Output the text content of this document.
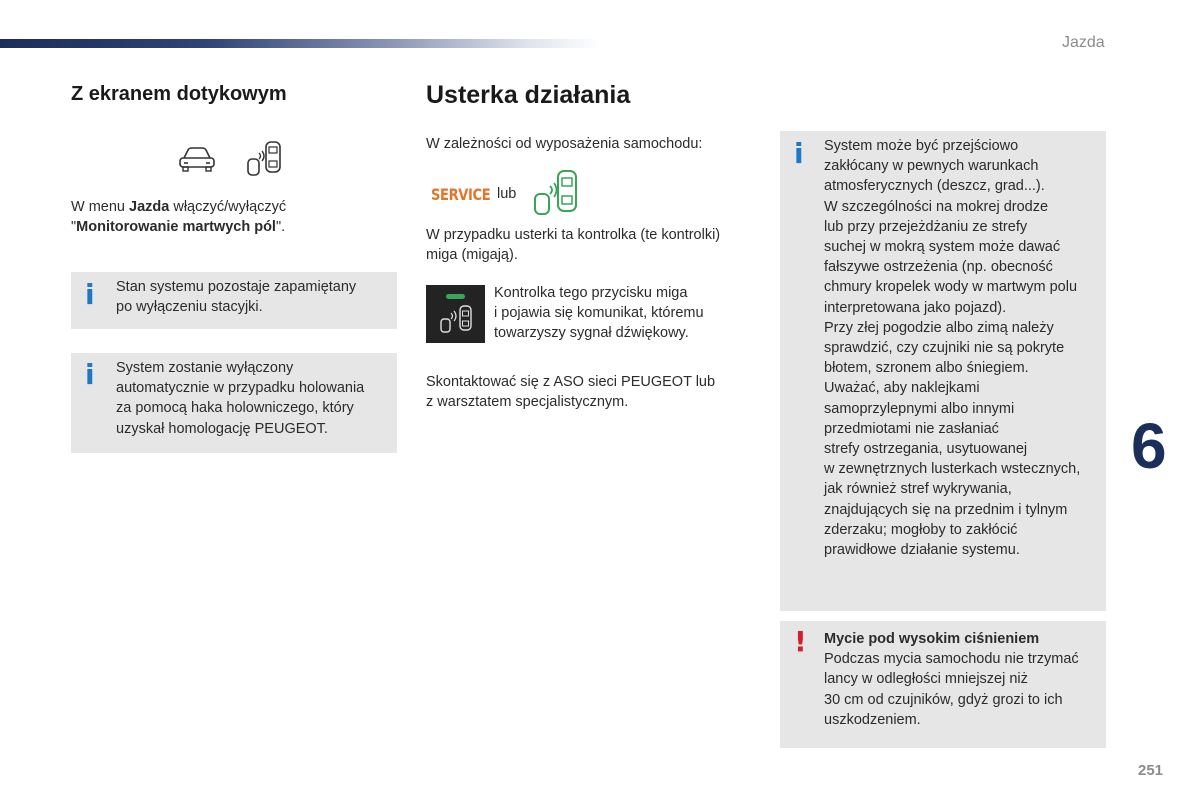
Jazda
Z ekranem dotykowym
W menu Jazda włączyć/wyłączyć
"Monitorowanie martwych pól".
i Stan systemu pozostaje zapamiętany
po wyłączeniu stacyjki.
i System zostanie wyłączony
automatycznie w przypadku holowania
za pomocą haka holowniczego, który
uzyskał homologację PEUGEOT.
Usterka działania
W zależności od wyposażenia samochodu:
SERVICE lub
W przypadku usterki ta kontrolka (te kontrolki)
miga (migają).
Kontrolka tego przycisku miga
i pojawia się komunikat, któremu
towarzyszy sygnał dźwiękowy.
Skontaktować się z ASO sieci PEUGEOT lub
z warsztatem specjalistycznym.
i System może być przejściowo
zakłócany w pewnych warunkach
atmosferycznych (deszcz, grad...).
W szczególności na mokrej drodze
lub przy przejeżdżaniu ze strefy
suchej w mokrą system może dawać
fałszywe ostrzeżenia (np. obecność
chmury kropelek wody w martwym polu
interpretowana jako pojazd).
Przy złej pogodzie albo zimą należy
sprawdzić, czy czujniki nie są pokryte
błotem, szronem albo śniegiem.
Uważać, aby naklejkami
samoprzylepnymi albo innymi
przedmiotami nie zasłaniać
strefy ostrzegania, usytuowanej
w zewnętrznych lusterkach wstecznych,
jak również stref wykrywania,
znajdujących się na przednim i tylnym
zderzaku; mogłoby to zakłócić
prawidłowe działanie systemu.
! Mycie pod wysokim ciśnieniem
Podczas mycia samochodu nie trzymać
lancy w odległości mniejszej niż
30 cm od czujników, gdyż grozi to ich
uszkodzeniem.
6
251
